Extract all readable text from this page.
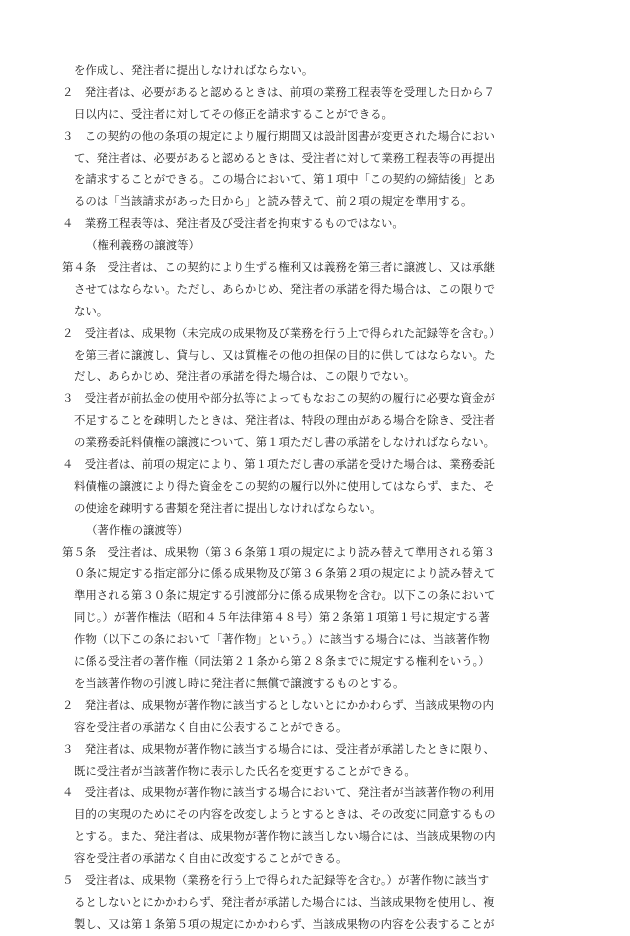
を作成し、発注者に提出しなければならない。
２　発注者は、必要があると認めるときは、前項の業務工程表等を受理した日から７
日以内に、受注者に対してその修正を請求することができる。
３　この契約の他の条項の規定により履行期間又は設計図書が変更された場合におい
て、発注者は、必要があると認めるときは、受注者に対して業務工程表等の再提出
を請求することができる。この場合において、第１項中「この契約の締結後」とあ
るのは「当該請求があった日から」と読み替えて、前２項の規定を準用する。
４　業務工程表等は、発注者及び受注者を拘束するものではない。
（権利義務の譲渡等）
第４条　受注者は、この契約により生ずる権利又は義務を第三者に譲渡し、又は承継
させてはならない。ただし、あらかじめ、発注者の承諾を得た場合は、この限りで
ない。
２　受注者は、成果物（未完成の成果物及び業務を行う上で得られた記録等を含む。）
を第三者に譲渡し、貸与し、又は質権その他の担保の目的に供してはならない。た
だし、あらかじめ、発注者の承諾を得た場合は、この限りでない。
３　受注者が前払金の使用や部分払等によってもなおこの契約の履行に必要な資金が
不足することを疎明したときは、発注者は、特段の理由がある場合を除き、受注者
の業務委託料債権の譲渡について、第１項ただし書の承諾をしなければならない。
４　受注者は、前項の規定により、第１項ただし書の承諾を受けた場合は、業務委託
料債権の譲渡により得た資金をこの契約の履行以外に使用してはならず、また、そ
の使途を疎明する書類を発注者に提出しなければならない。
（著作権の譲渡等）
第５条　受注者は、成果物（第３６条第１項の規定により読み替えて準用される第３
０条に規定する指定部分に係る成果物及び第３６条第２項の規定により読み替えて
準用される第３０条に規定する引渡部分に係る成果物を含む。以下この条において
同じ。）が著作権法（昭和４５年法律第４８号）第２条第１項第１号に規定する著
作物（以下この条において「著作物」という。）に該当する場合には、当該著作物
に係る受注者の著作権（同法第２１条から第２８条までに規定する権利をいう。）
を当該著作物の引渡し時に発注者に無償で譲渡するものとする。
２　発注者は、成果物が著作物に該当するとしないとにかかわらず、当該成果物の内
容を受注者の承諾なく自由に公表することができる。
３　発注者は、成果物が著作物に該当する場合には、受注者が承諾したときに限り、
既に受注者が当該著作物に表示した氏名を変更することができる。
４　受注者は、成果物が著作物に該当する場合において、発注者が当該著作物の利用
目的の実現のためにその内容を改変しようとするときは、その改変に同意するもの
とする。また、発注者は、成果物が著作物に該当しない場合には、当該成果物の内
容を受注者の承諾なく自由に改変することができる。
５　受注者は、成果物（業務を行う上で得られた記録等を含む。）が著作物に該当す
るとしないとにかかわらず、発注者が承諾した場合には、当該成果物を使用し、複
製し、又は第１条第５項の規定にかかわらず、当該成果物の内容を公表することが
